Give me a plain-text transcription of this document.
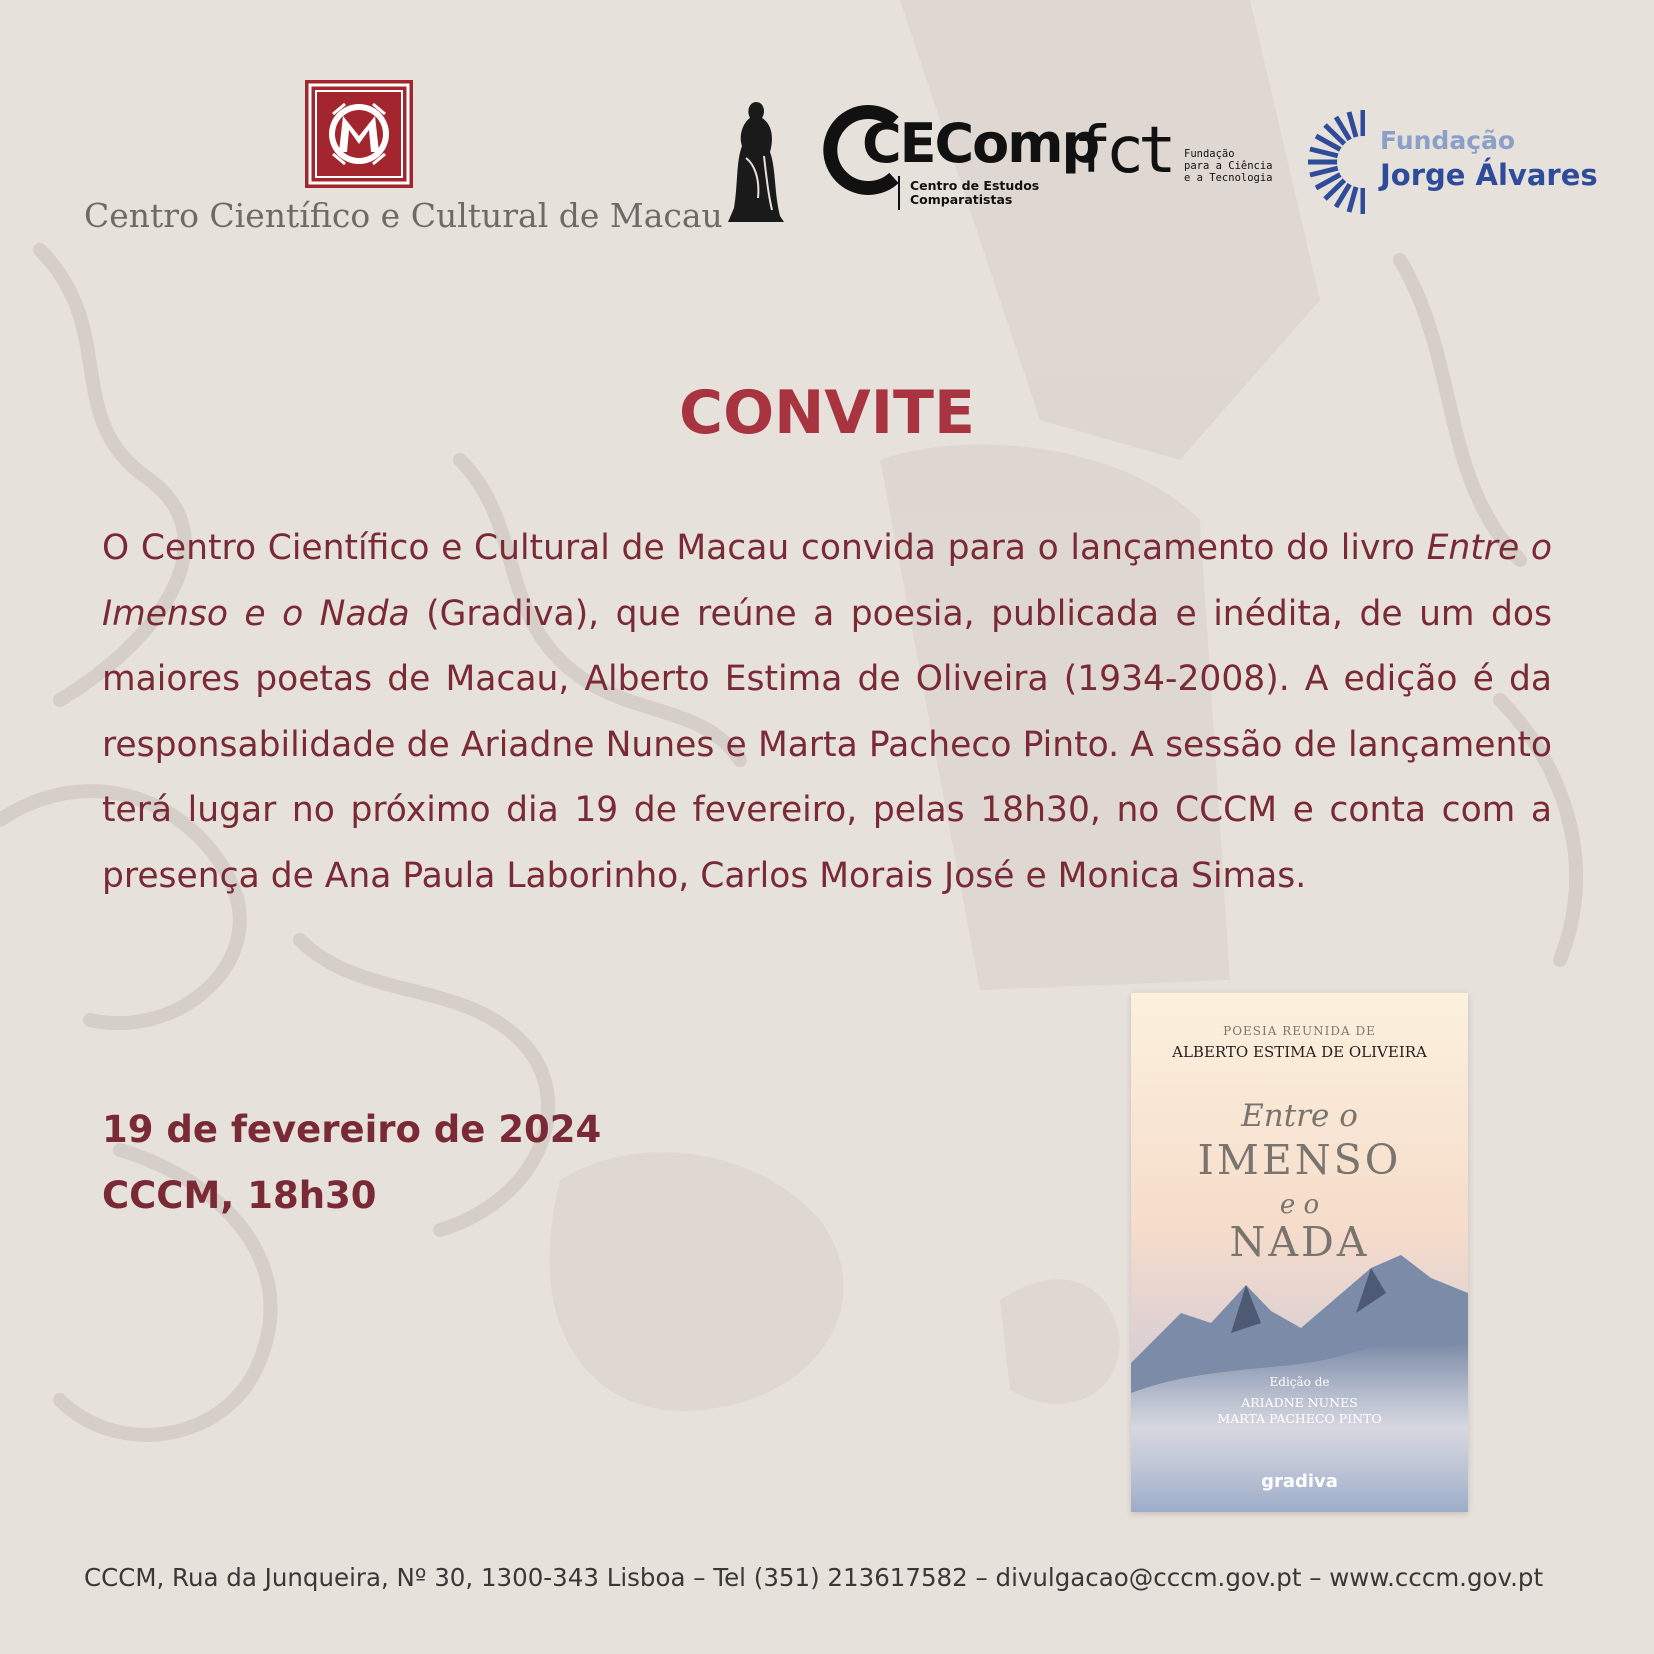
Centro Científico e Cultural de Macau
CEComp
Centro de Estudos
Comparatistas
fct Fundação
para a Ciência
e a Tecnologia
Fundação
Jorge Álvares
CONVITE
O Centro Científico e Cultural de Macau convida para o lançamento do livro Entre o Imenso e o Nada (Gradiva), que reúne a poesia, publicada e inédita, de um dos maiores poetas de Macau, Alberto Estima de Oliveira (1934-2008). A edição é da responsabilidade de Ariadne Nunes e Marta Pacheco Pinto. A sessão de lançamento terá lugar no próximo dia 19 de fevereiro, pelas 18h30, no CCCM e conta com a presença de Ana Paula Laborinho, Carlos Morais José e Monica Simas.
19 de fevereiro de 2024
CCCM, 18h30
POESIA REUNIDA DE
ALBERTO ESTIMA DE OLIVEIRA
Entre o
IMENSO
e o
NADA
Edição de
ARIADNE NUNES
MARTA PACHECO PINTO
gradiva
CCCM, Rua da Junqueira, Nº 30, 1300-343 Lisboa – Tel (351) 213617582 – divulgacao@cccm.gov.pt – www.cccm.gov.pt
